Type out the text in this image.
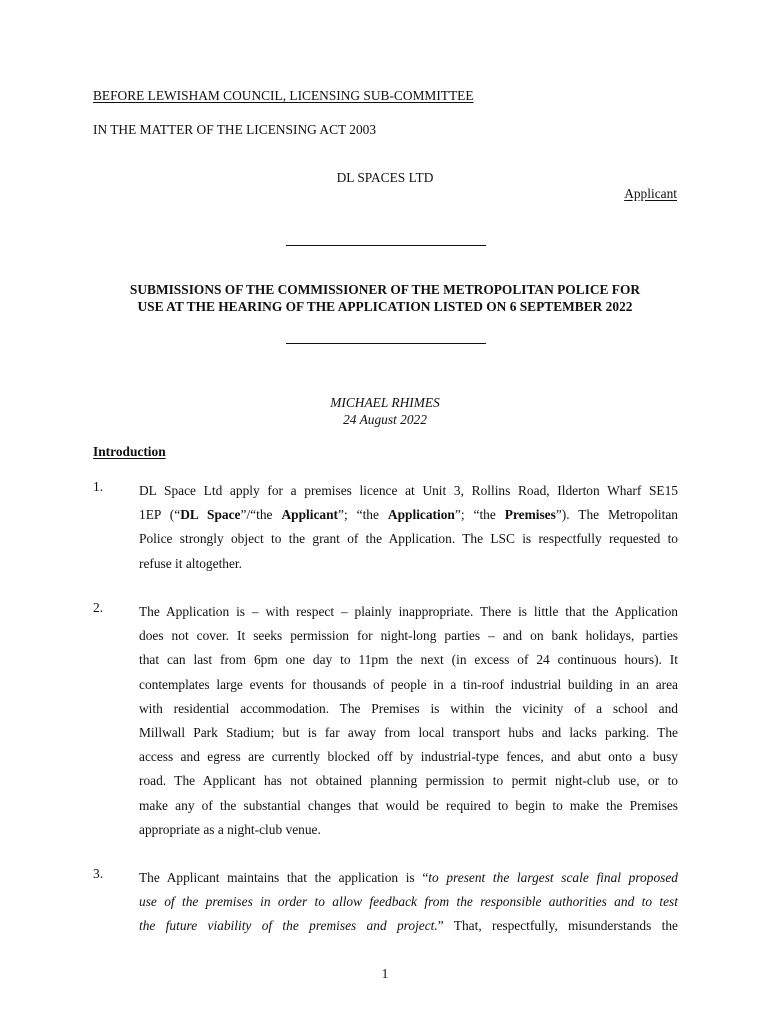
BEFORE LEWISHAM COUNCIL, LICENSING SUB-COMMITTEE
IN THE MATTER OF THE LICENSING ACT 2003
DL SPACES LTD
Applicant
SUBMISSIONS OF THE COMMISSIONER OF THE METROPOLITAN POLICE FOR
USE AT THE HEARING OF THE APPLICATION LISTED ON 6 SEPTEMBER 2022
MICHAEL RHIMES
24 August 2022
Introduction
1.	DL Space Ltd apply for a premises licence at Unit 3, Rollins Road, Ilderton Wharf SE15
1EP (“DL Space”/“the Applicant”; “the Application”; “the Premises”). The Metropolitan
Police strongly object to the grant of the Application. The LSC is respectfully requested to
refuse it altogether.
2.	The Application is – with respect – plainly inappropriate. There is little that the Application
does not cover. It seeks permission for night-long parties – and on bank holidays, parties
that can last from 6pm one day to 11pm the next (in excess of 24 continuous hours). It
contemplates large events for thousands of people in a tin-roof industrial building in an area
with residential accommodation. The Premises is within the vicinity of a school and
Millwall Park Stadium; but is far away from local transport hubs and lacks parking. The
access and egress are currently blocked off by industrial-type fences, and abut onto a busy
road. The Applicant has not obtained planning permission to permit night-club use, or to
make any of the substantial changes that would be required to begin to make the Premises
appropriate as a night-club venue.
3.	The Applicant maintains that the application is “to present the largest scale final proposed
use of the premises in order to allow feedback from the responsible authorities and to test
the future viability of the premises and project.” That, respectfully, misunderstands the
1
